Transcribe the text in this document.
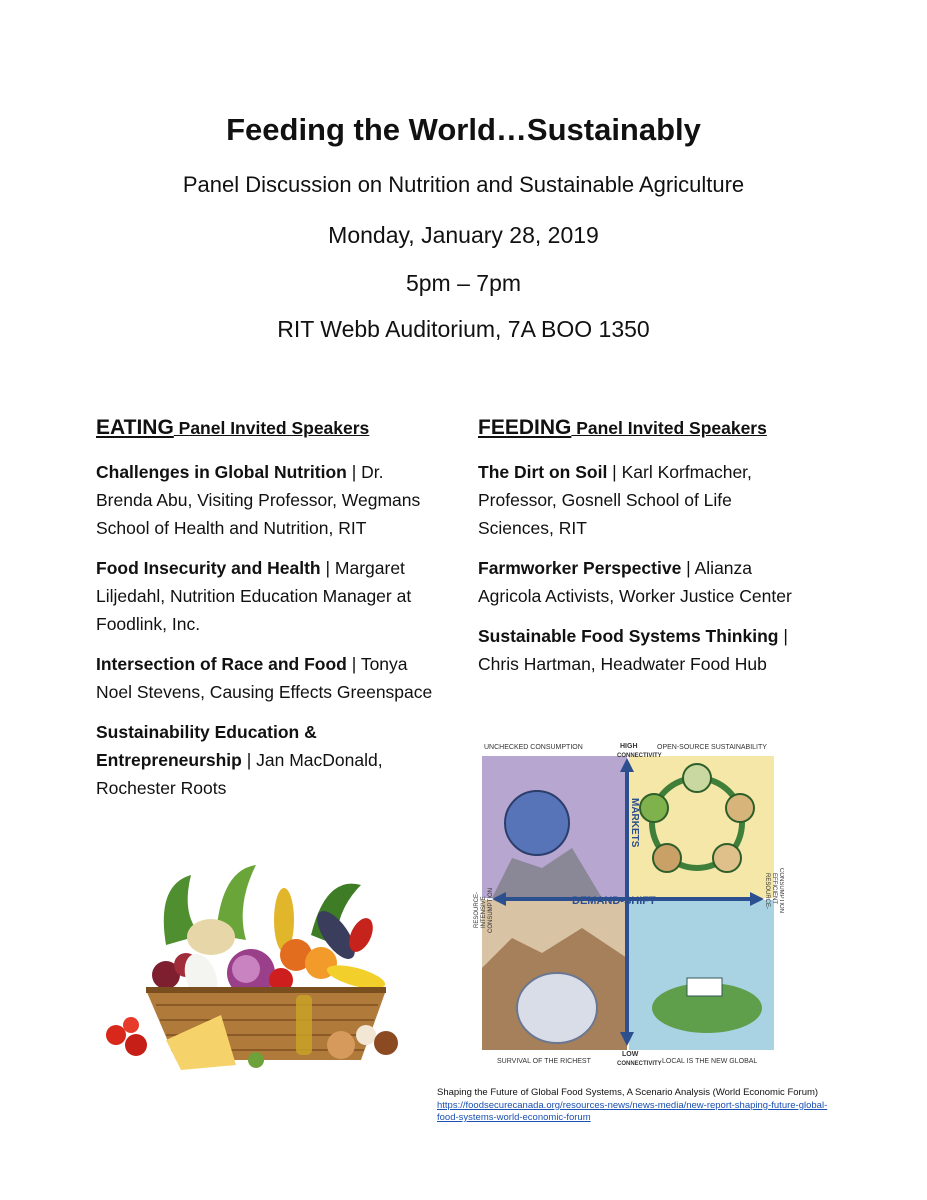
Feeding the World…Sustainably
Panel Discussion on Nutrition and Sustainable Agriculture
Monday, January 28, 2019
5pm – 7pm
RIT Webb Auditorium, 7A BOO 1350
EATING Panel Invited Speakers
Challenges in Global Nutrition | Dr. Brenda Abu, Visiting Professor, Wegmans School of Health and Nutrition, RIT
Food Insecurity and Health | Margaret Liljedahl, Nutrition Education Manager at Foodlink, Inc.
Intersection of Race and Food | Tonya Noel Stevens, Causing Effects Greenspace
Sustainability Education & Entrepreneurship | Jan MacDonald, Rochester Roots
FEEDING Panel Invited Speakers
The Dirt on Soil | Karl Korfmacher, Professor, Gosnell School of Life Sciences, RIT
Farmworker Perspective | Alianza Agricola Activists, Worker Justice Center
Sustainable Food Systems Thinking | Chris Hartman, Headwater Food Hub
UNCHECKED CONSUMPTION	OPEN-SOURCE SUSTAINABILITY
SURVIVAL OF THE RICHEST	LOCAL IS THE NEW GLOBAL
HIGH
CONNECTIVITY
LOW
CONNECTIVITY
DEMAND-SHIFT
MARKETS
RESOURCE- INTENSIVE CONSUMPTION	RESOURCE- EFFICIENT CONSUMPTION
Shaping the Future of Global Food Systems, A Scenario Analysis (World Economic Forum)
https://foodsecurecanada.org/resources-news/news-media/new-report-shaping-future-global-
food-systems-world-economic-forum
